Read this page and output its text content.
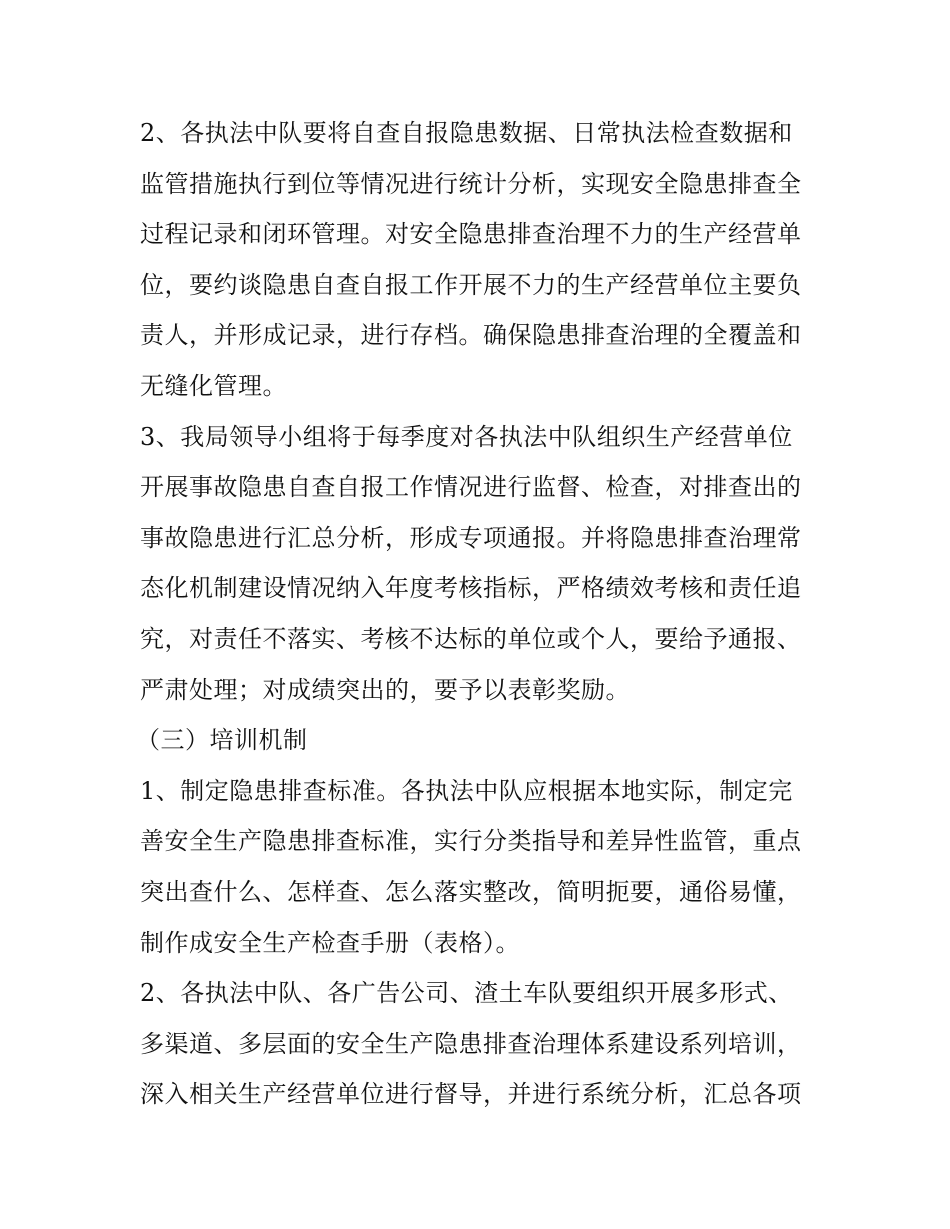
2、各执法中队要将自查自报隐患数据、日常执法检查数据和
监管措施执行到位等情况进行统计分析，实现安全隐患排查全
过程记录和闭环管理。对安全隐患排查治理不力的生产经营单
位，要约谈隐患自查自报工作开展不力的生产经营单位主要负
责人，并形成记录，进行存档。确保隐患排查治理的全覆盖和
无缝化管理。
3、我局领导小组将于每季度对各执法中队组织生产经营单位
开展事故隐患自查自报工作情况进行监督、检查，对排查出的
事故隐患进行汇总分析，形成专项通报。并将隐患排查治理常
态化机制建设情况纳入年度考核指标，严格绩效考核和责任追
究，对责任不落实、考核不达标的单位或个人，要给予通报、
严肃处理；对成绩突出的，要予以表彰奖励。
（三）培训机制
1、制定隐患排查标准。各执法中队应根据本地实际，制定完
善安全生产隐患排查标准，实行分类指导和差异性监管，重点
突出查什么、怎样查、怎么落实整改，简明扼要，通俗易懂，
制作成安全生产检查手册（表格）。
2、各执法中队、各广告公司、渣土车队要组织开展多形式、
多渠道、多层面的安全生产隐患排查治理体系建设系列培训，
深入相关生产经营单位进行督导，并进行系统分析，汇总各项
